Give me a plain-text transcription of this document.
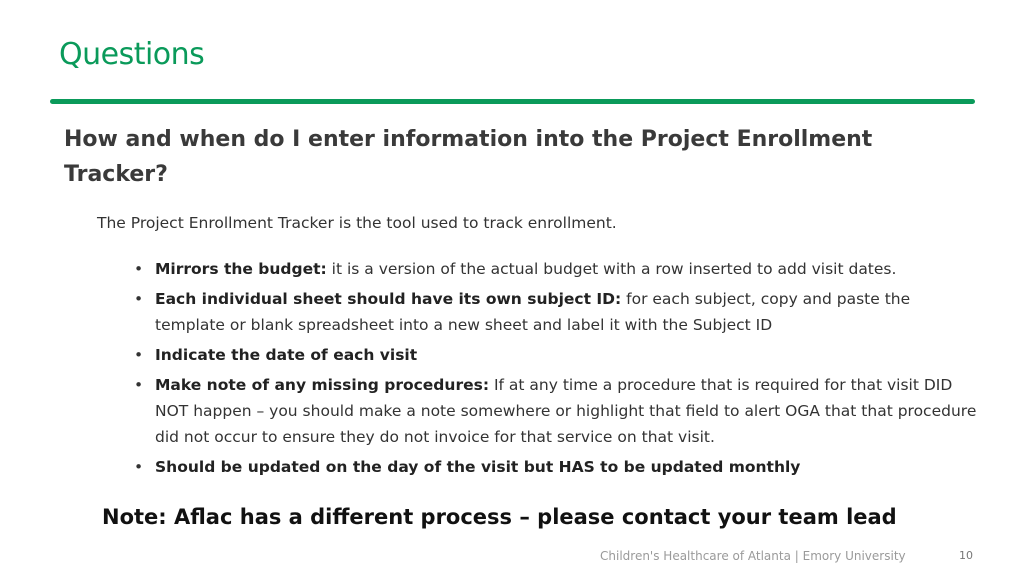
Questions
How and when do I enter information into the Project Enrollment Tracker?
The Project Enrollment Tracker is the tool used to track enrollment.
• Mirrors the budget: it is a version of the actual budget with a row inserted to add visit dates.
• Each individual sheet should have its own subject ID: for each subject, copy and paste the template or blank spreadsheet into a new sheet and label it with the Subject ID
• Indicate the date of each visit
• Make note of any missing procedures: If at any time a procedure that is required for that visit DID NOT happen – you should make a note somewhere or highlight that field to alert OGA that that procedure did not occur to ensure they do not invoice for that service on that visit.
• Should be updated on the day of the visit but HAS to be updated monthly
Note: Aflac has a different process – please contact your team lead
Children's Healthcare of Atlanta | Emory University	10
